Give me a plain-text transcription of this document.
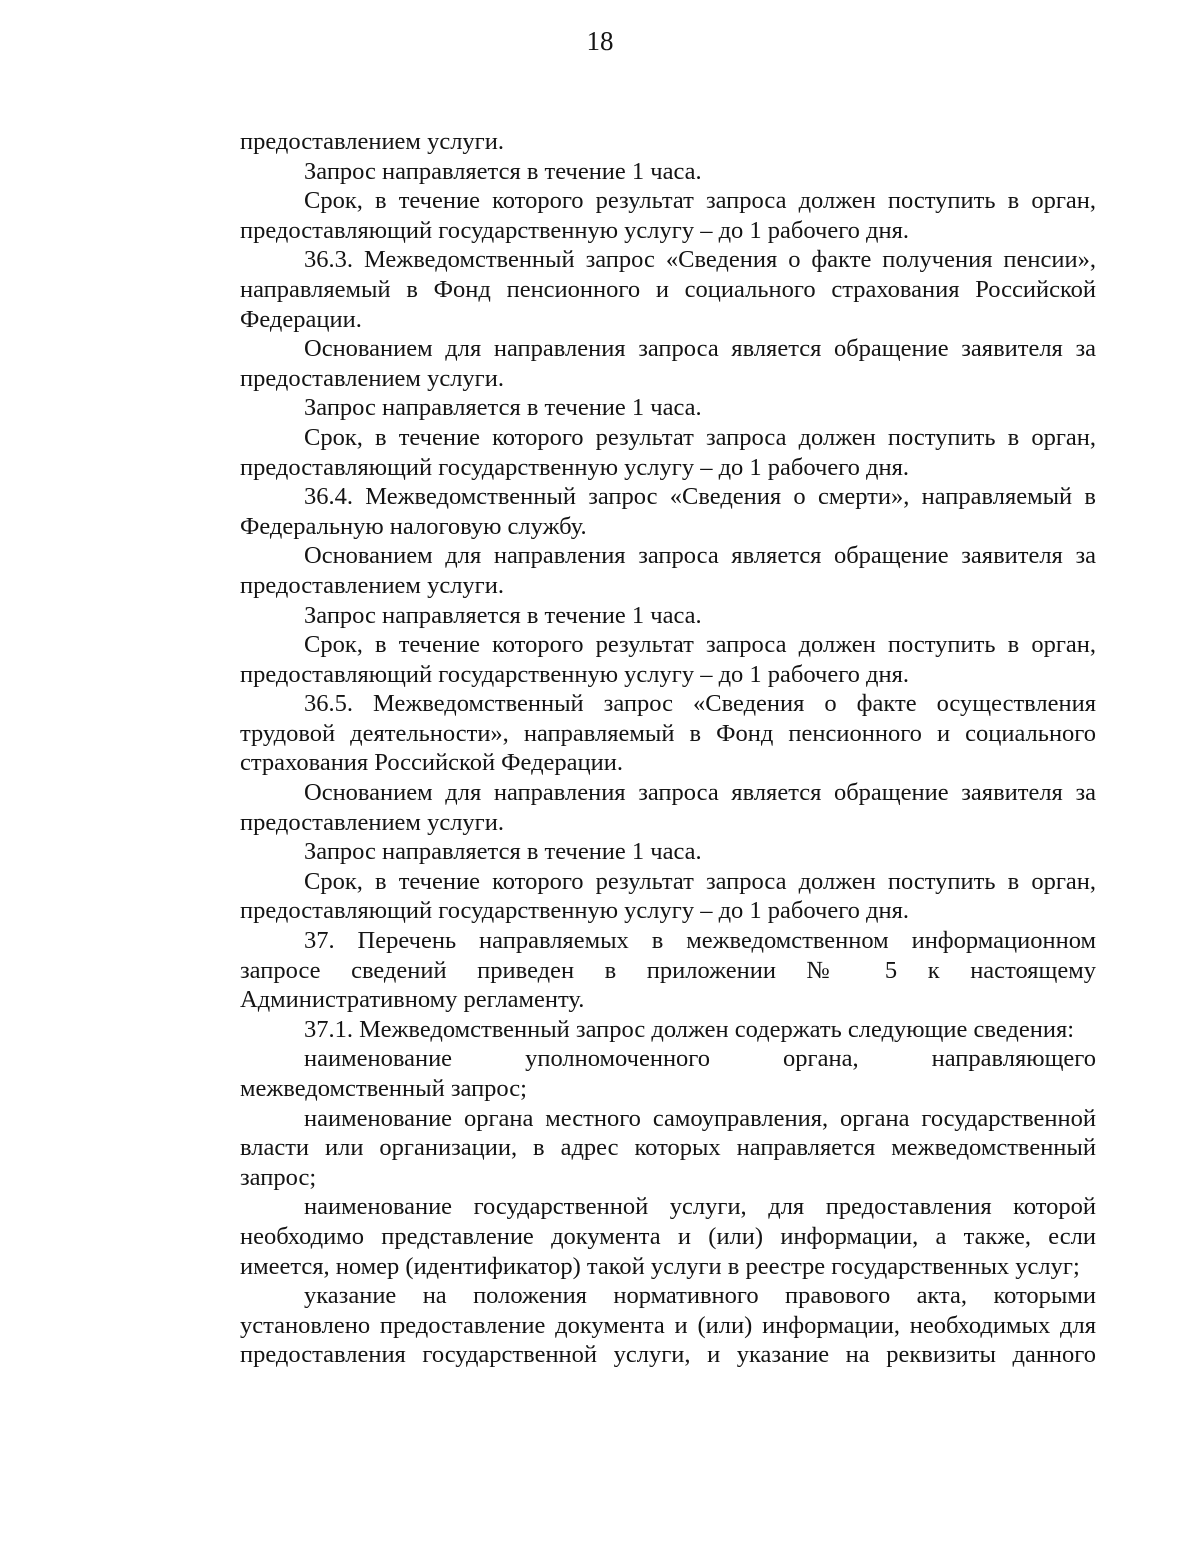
18

предоставлением услуги.

Запрос направляется в течение 1 часа.

Срок, в течение которого результат запроса должен поступить в орган, предоставляющий государственную услугу – до 1 рабочего дня.

36.3. Межведомственный запрос «Сведения о факте получения пенсии», направляемый в Фонд пенсионного и социального страхования Российской Федерации.

Основанием для направления запроса является обращение заявителя за предоставлением услуги.

Запрос направляется в течение 1 часа.

Срок, в течение которого результат запроса должен поступить в орган, предоставляющий государственную услугу – до 1 рабочего дня.

36.4. Межведомственный запрос «Сведения о смерти», направляемый в Федеральную налоговую службу.

Основанием для направления запроса является обращение заявителя за предоставлением услуги.

Запрос направляется в течение 1 часа.

Срок, в течение которого результат запроса должен поступить в орган, предоставляющий государственную услугу – до 1 рабочего дня.

36.5. Межведомственный запрос «Сведения о факте осуществления трудовой деятельности», направляемый в Фонд пенсионного и социального страхования Российской Федерации.

Основанием для направления запроса является обращение заявителя за предоставлением услуги.

Запрос направляется в течение 1 часа.

Срок, в течение которого результат запроса должен поступить в орган, предоставляющий государственную услугу – до 1 рабочего дня.

37. Перечень направляемых в межведомственном информационном запросе сведений приведен в приложении № 5 к настоящему Административному регламенту.

37.1. Межведомственный запрос должен содержать следующие сведения:

наименование уполномоченного органа, направляющего межведомственный запрос;

наименование органа местного самоуправления, органа государственной власти или организации, в адрес которых направляется межведомственный запрос;

наименование государственной услуги, для предоставления которой необходимо представление документа и (или) информации, а также, если имеется, номер (идентификатор) такой услуги в реестре государственных услуг;

указание на положения нормативного правового акта, которыми установлено предоставление документа и (или) информации, необходимых для предоставления государственной услуги, и указание на реквизиты данного
